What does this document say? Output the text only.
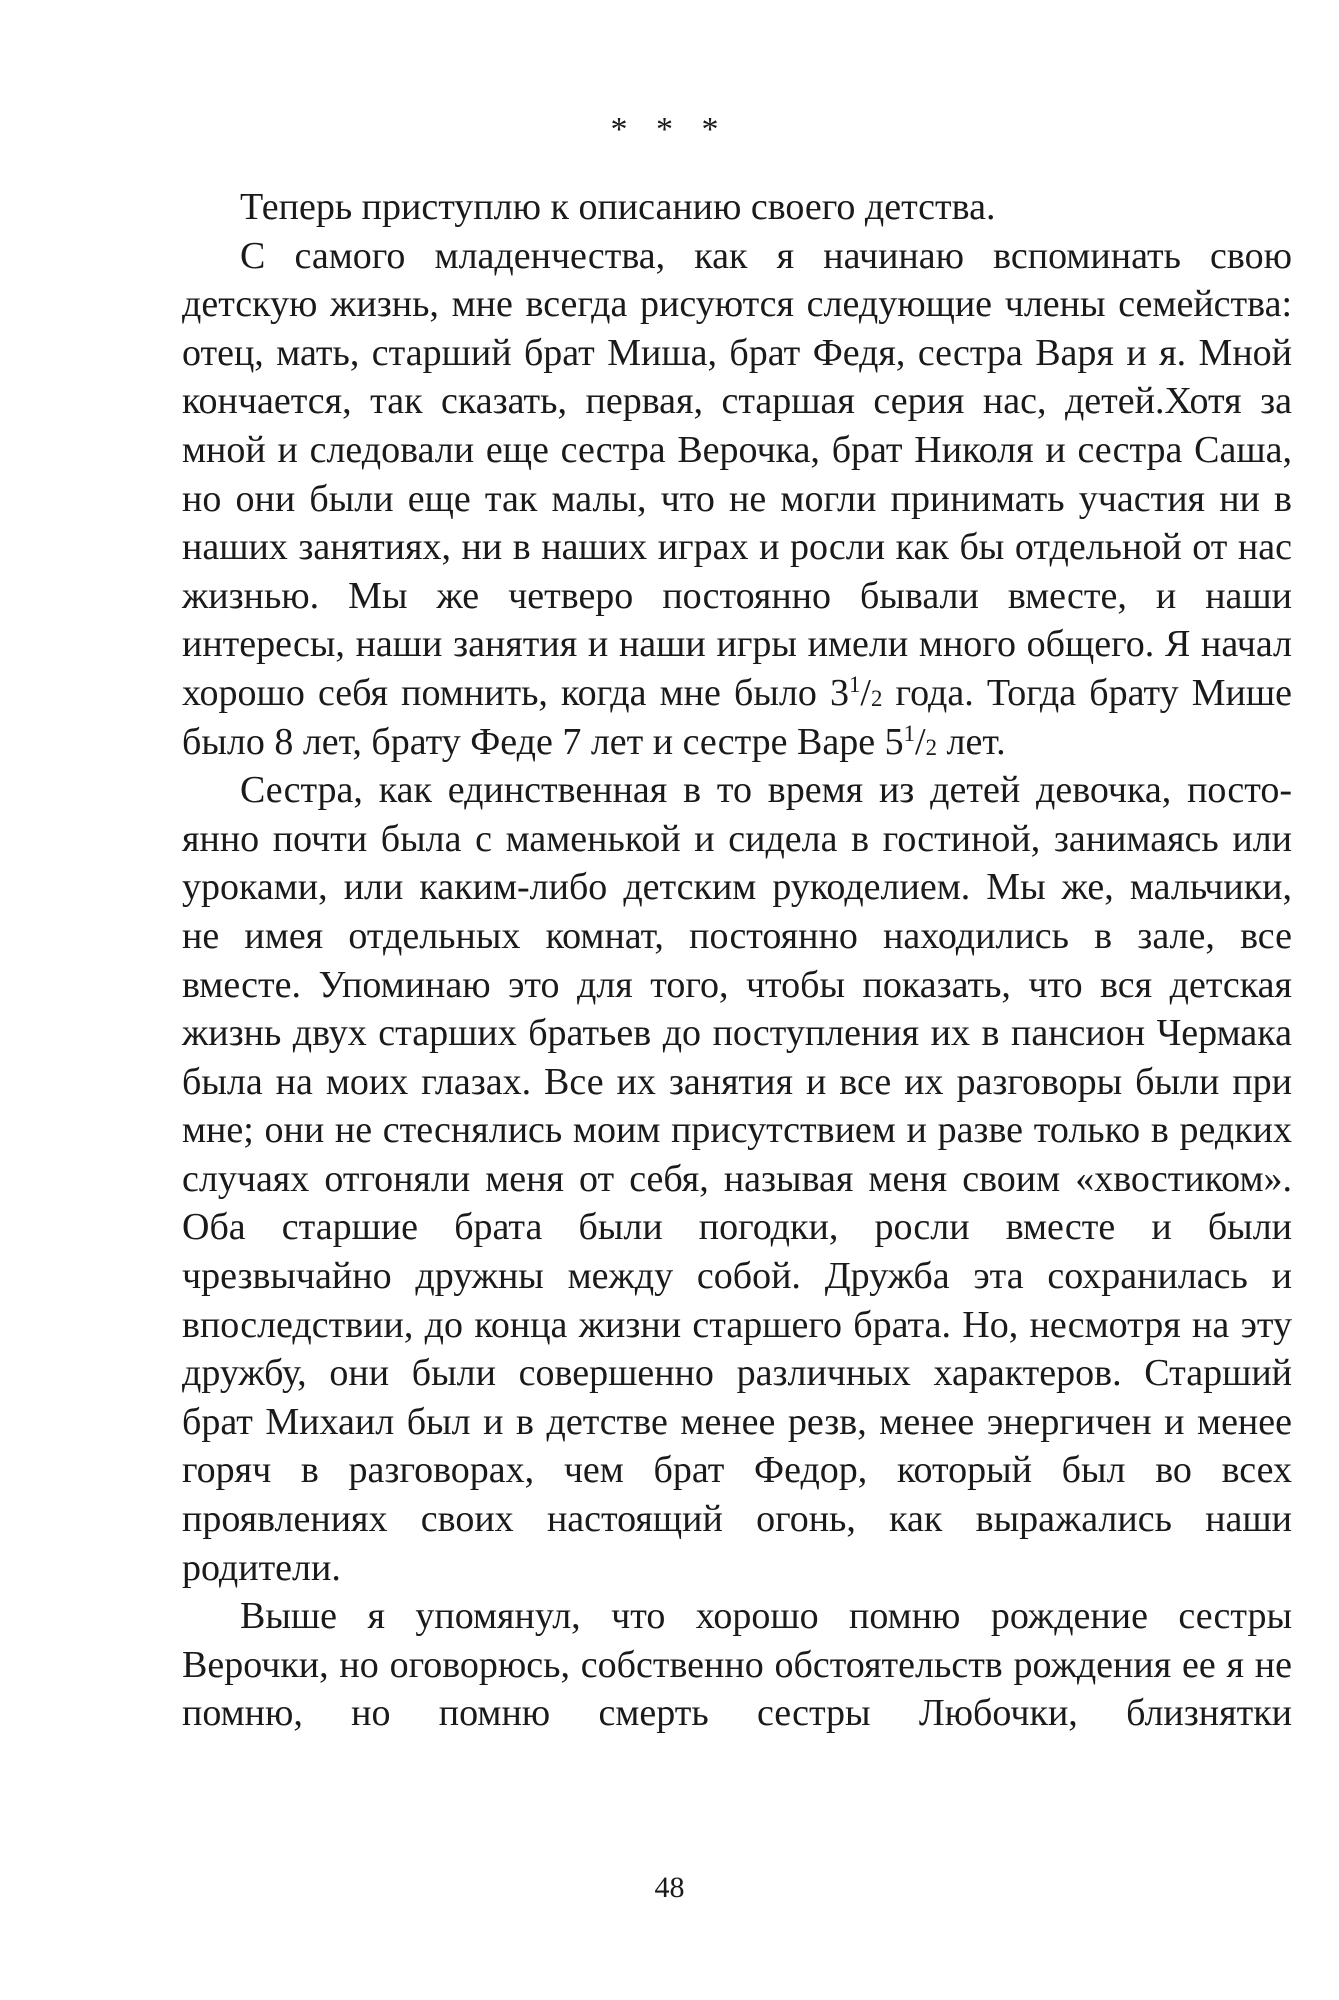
* * *

Теперь приступлю к описанию своего детства.

С самого младенчества, как я начинаю вспоминать свою детскую жизнь, мне всегда рисуются следующие члены семейства: отец, мать, старший брат Миша, брат Федя, сестра Варя и я. Мной кончается, так сказать, первая, старшая серия нас, детей.Хотя за мной и следовали еще сестра Верочка, брат Николя и сестра Саша, но они были еще так малы, что не могли принимать участия ни в наших занятиях, ни в наших играх и росли как бы отдельной от нас жизнью. Мы же четверо постоянно бывали вместе, и наши интересы, наши занятия и наши игры имели много общего. Я начал хорошо себя помнить, когда мне было $3^1/_2$ года. Тогда брату Мише было 8 лет, брату Феде 7 лет и сестре Варе $5^1/_2$ лет.

Сестра, как единственная в то время из детей девочка, постоянно почти была с маменькой и сидела в гостиной, занимаясь или уроками, или каким-либо детским рукоделием. Мы же, мальчики, не имея отдельных комнат, постоянно находились в зале, все вместе. Упоминаю это для того, чтобы показать, что вся детская жизнь двух старших братьев до поступления их в пансион Чермака была на моих глазах. Все их занятия и все их разговоры были при мне; они не стеснялись моим присутствием и разве только в редких случаях отгоняли меня от себя, называя меня своим «хвостиком». Оба старшие брата были погодки, росли вместе и были чрезвычайно дружны между собой. Дружба эта сохранилась и впоследствии, до конца жизни старшего брата. Но, несмотря на эту дружбу, они были совершенно различных характеров. Старший брат Михаил был и в детстве менее резв, менее энергичен и менее горяч в разговорах, чем брат Федор, который был во всех проявлениях своих настоящий огонь, как выражались наши родители.

Выше я упомянул, что хорошо помню рождение сестры Верочки, но оговорюсь, собственно обстоятельств рождения ее я не помню, но помню смерть сестры Любочки, близнятки

48
